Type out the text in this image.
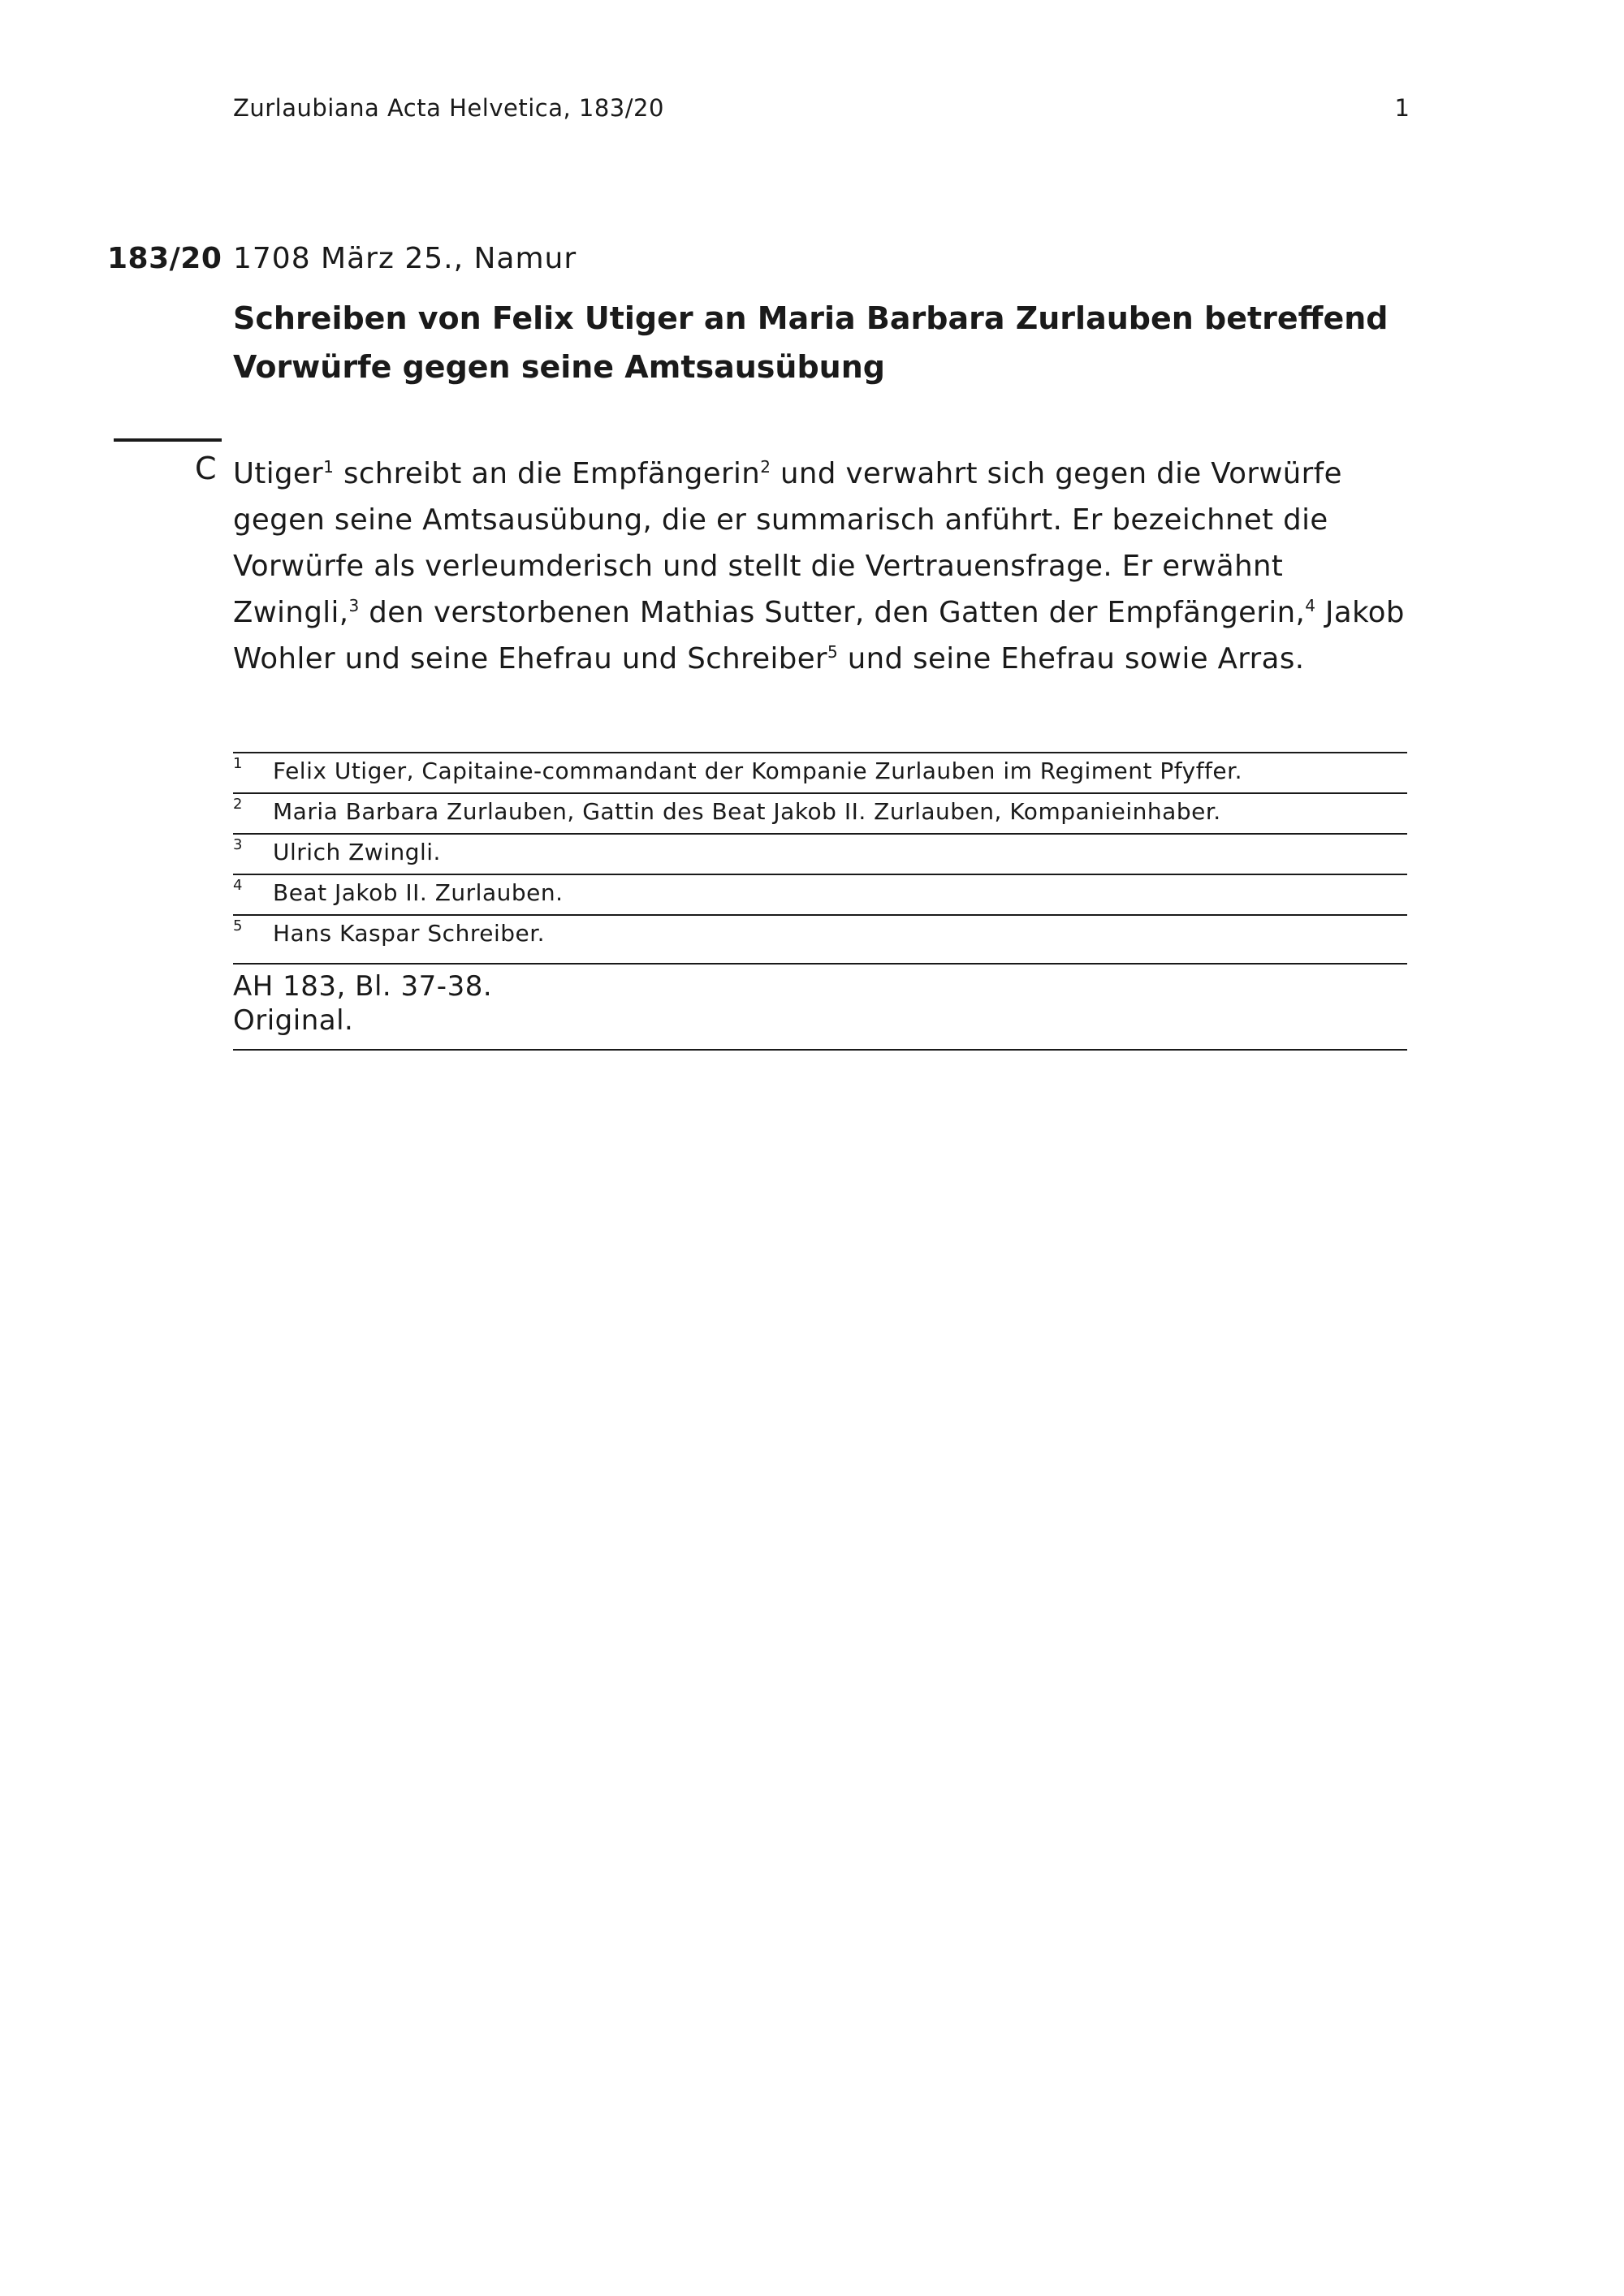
Zurlaubiana Acta Helvetica, 183/20	1
183/20 1708 März 25., Namur
Schreiben von Felix Utiger an Maria Barbara Zurlauben betreffend Vorwürfe gegen seine Amtsausübung
C Utiger$^1$ schreibt an die Empfängerin$^2$ und verwahrt sich gegen die Vorwürfe gegen seine Amtsausübung, die er summarisch anführt. Er bezeichnet die Vorwürfe als verleumderisch und stellt die Vertrauensfrage. Er erwähnt Zwingli,$^3$ den verstorbenen Mathias Sutter, den Gatten der Empfängerin,$^4$ Jakob Wohler und seine Ehefrau und Schreiber$^5$ und seine Ehefrau sowie Arras.

1 Felix Utiger, Capitaine-commandant der Kompanie Zurlauben im Regiment Pfyffer.
2 Maria Barbara Zurlauben, Gattin des Beat Jakob II. Zurlauben, Kompanieinhaber.
3 Ulrich Zwingli.
4 Beat Jakob II. Zurlauben.
5 Hans Kaspar Schreiber.
AH 183, Bl. 37-38.
Original.
